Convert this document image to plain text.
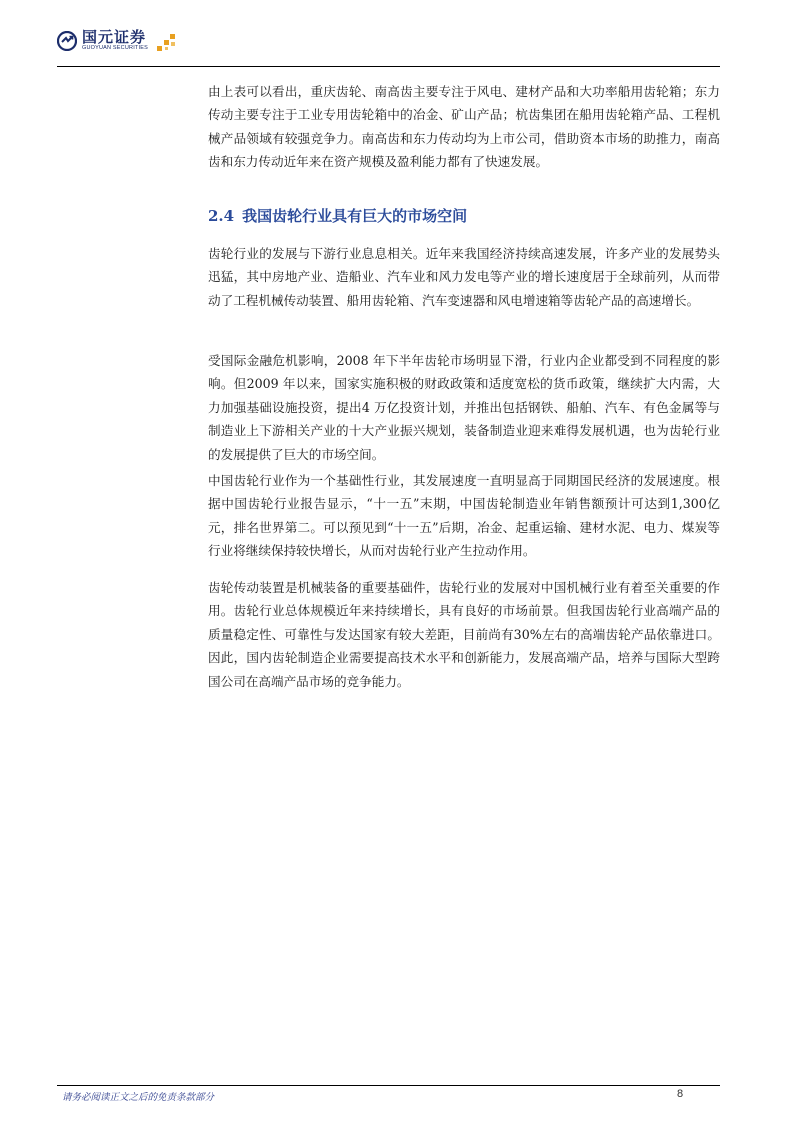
国元证券
GUOYUAN SECURITIES

由上表可以看出，重庆齿轮、南高齿主要专注于风电、建材产品和大功率船用齿轮箱；东力传动主要专注于工业专用齿轮箱中的冶金、矿山产品；杭齿集团在船用齿轮箱产品、工程机械产品领域有较强竞争力。南高齿和东力传动均为上市公司，借助资本市场的助推力，南高齿和东力传动近年来在资产规模及盈利能力都有了快速发展。

2.4 我国齿轮行业具有巨大的市场空间

齿轮行业的发展与下游行业息息相关。近年来我国经济持续高速发展，许多产业的发展势头迅猛，其中房地产业、造船业、汽车业和风力发电等产业的增长速度居于全球前列，从而带动了工程机械传动装置、船用齿轮箱、汽车变速器和风电增速箱等齿轮产品的高速增长。

受国际金融危机影响，2008 年下半年齿轮市场明显下滑，行业内企业都受到不同程度的影响。但2009 年以来，国家实施积极的财政政策和适度宽松的货币政策，继续扩大内需，大力加强基础设施投资，提出4 万亿投资计划，并推出包括钢铁、船舶、汽车、有色金属等与制造业上下游相关产业的十大产业振兴规划，装备制造业迎来难得发展机遇，也为齿轮行业的发展提供了巨大的市场空间。

中国齿轮行业作为一个基础性行业，其发展速度一直明显高于同期国民经济的发展速度。根据中国齿轮行业报告显示，“十一五”末期，中国齿轮制造业年销售额预计可达到1,300亿元，排名世界第二。可以预见到“十一五”后期，冶金、起重运输、建材水泥、电力、煤炭等行业将继续保持较快增长，从而对齿轮行业产生拉动作用。

齿轮传动装置是机械装备的重要基础件，齿轮行业的发展对中国机械行业有着至关重要的作用。齿轮行业总体规模近年来持续增长，具有良好的市场前景。但我国齿轮行业高端产品的质量稳定性、可靠性与发达国家有较大差距，目前尚有30%左右的高端齿轮产品依靠进口。因此，国内齿轮制造企业需要提高技术水平和创新能力，发展高端产品，培养与国际大型跨国公司在高端产品市场的竞争能力。

请务必阅读正文之后的免责条款部分	8
